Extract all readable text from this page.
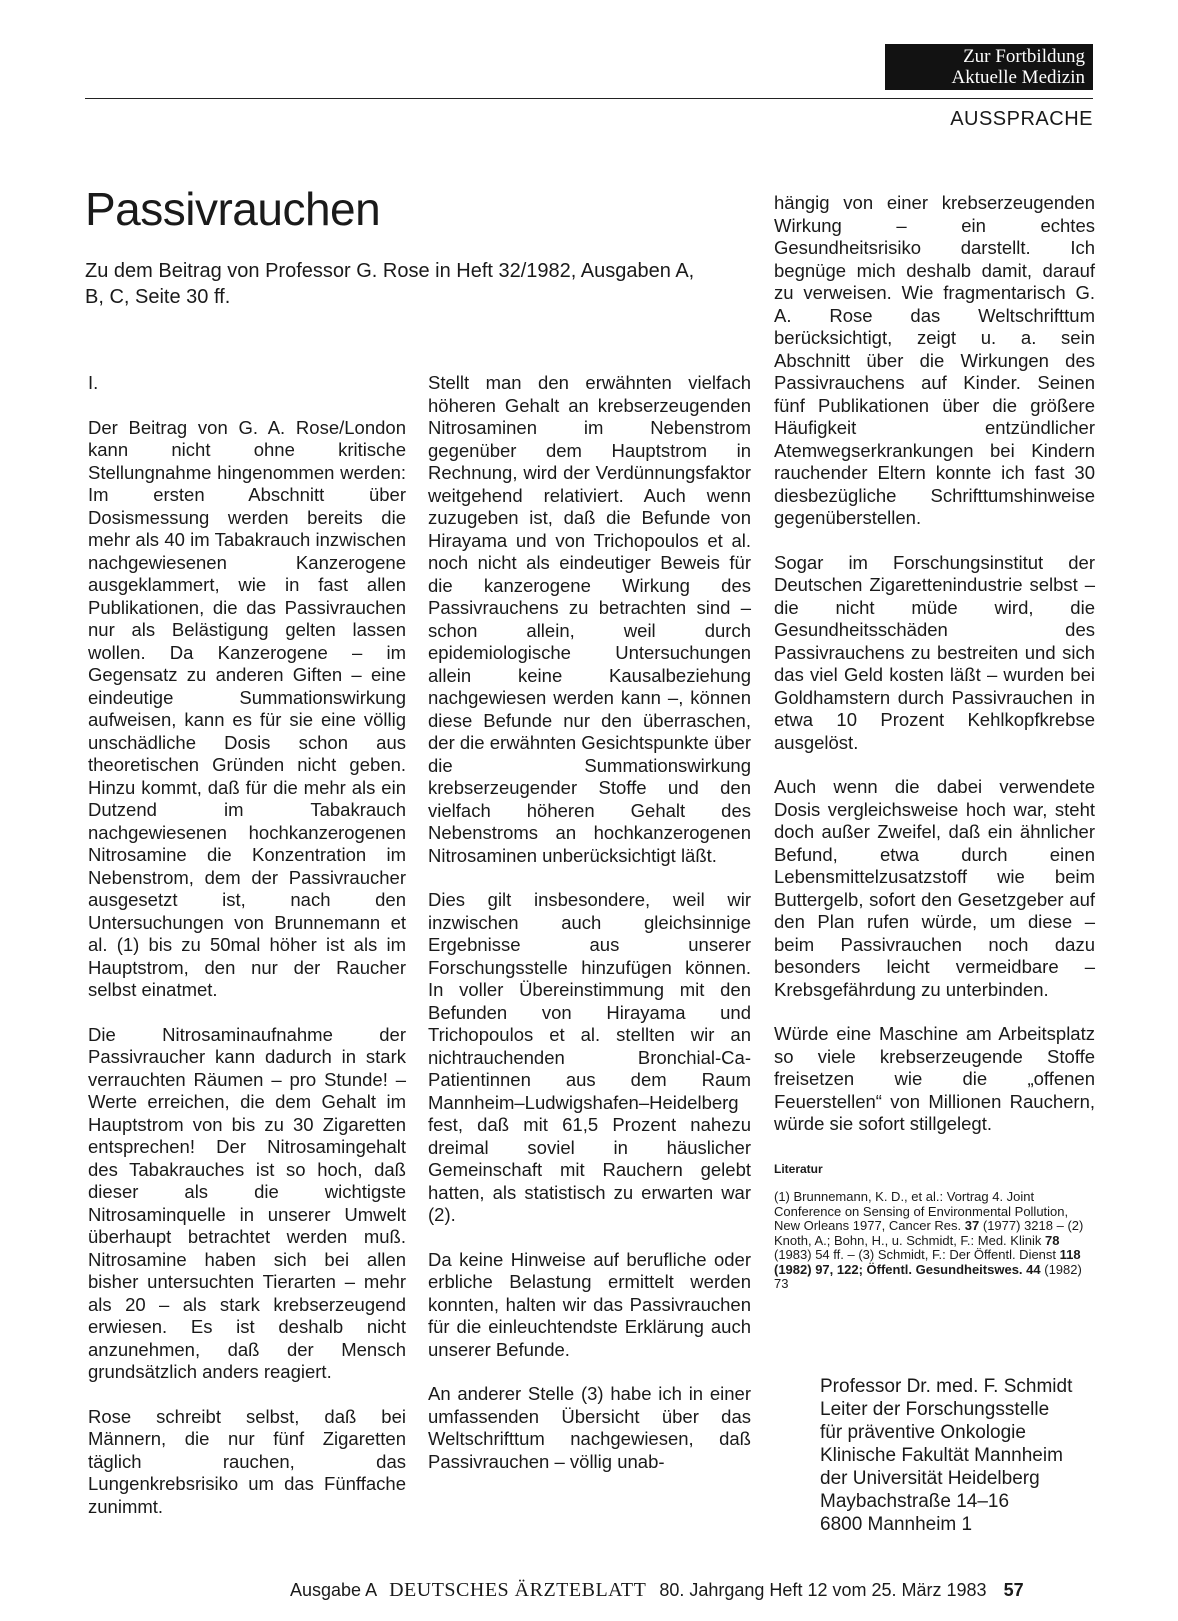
Zur Fortbildung
Aktuelle Medizin
AUSSPRACHE
Passivrauchen

Zu dem Beitrag von Professor G. Rose in Heft 32/1982, Ausgaben A, B, C, Seite 30 ff.

I.

Der Beitrag von G. A. Rose/London kann nicht ohne kritische Stellungnahme hingenommen werden: Im ersten Abschnitt über Dosismessung werden bereits die mehr als 40 im Tabakrauch inzwischen nachgewiesenen Kanzerogene ausgeklammert, wie in fast allen Publikationen, die das Passivrauchen nur als Belästigung gelten lassen wollen. Da Kanzerogene – im Gegensatz zu anderen Giften – eine eindeutige Summationswirkung aufweisen, kann es für sie eine völlig unschädliche Dosis schon aus theoretischen Gründen nicht geben. Hinzu kommt, daß für die mehr als ein Dutzend im Tabakrauch nachgewiesenen hochkanzerogenen Nitrosamine die Konzentration im Nebenstrom, dem der Passivraucher ausgesetzt ist, nach den Untersuchungen von Brunnemann et al. (1) bis zu 50mal höher ist als im Hauptstrom, den nur der Raucher selbst einatmet.

Die Nitrosaminaufnahme der Passivraucher kann dadurch in stark verrauchten Räumen – pro Stunde! – Werte erreichen, die dem Gehalt im Hauptstrom von bis zu 30 Zigaretten entsprechen! Der Nitrosamingehalt des Tabakrauches ist so hoch, daß dieser als die wichtigste Nitrosaminquelle in unserer Umwelt überhaupt betrachtet werden muß. Nitrosamine haben sich bei allen bisher untersuchten Tierarten – mehr als 20 – als stark krebserzeugend erwiesen. Es ist deshalb nicht anzunehmen, daß der Mensch grundsätzlich anders reagiert.

Rose schreibt selbst, daß bei Männern, die nur fünf Zigaretten täglich rauchen, das Lungenkrebsrisiko um das Fünffache zunimmt.

Stellt man den erwähnten vielfach höheren Gehalt an krebserzeugenden Nitrosaminen im Nebenstrom gegenüber dem Hauptstrom in Rechnung, wird der Verdünnungsfaktor weitgehend relativiert. Auch wenn zuzugeben ist, daß die Befunde von Hirayama und von Trichopoulos et al. noch nicht als eindeutiger Beweis für die kanzerogene Wirkung des Passivrauchens zu betrachten sind – schon allein, weil durch epidemiologische Untersuchungen allein keine Kausalbeziehung nachgewiesen werden kann –, können diese Befunde nur den überraschen, der die erwähnten Gesichtspunkte über die Summationswirkung krebserzeugender Stoffe und den vielfach höheren Gehalt des Nebenstroms an hochkanzerogenen Nitrosaminen unberücksichtigt läßt.

Dies gilt insbesondere, weil wir inzwischen auch gleichsinnige Ergebnisse aus unserer Forschungsstelle hinzufügen können. In voller Übereinstimmung mit den Befunden von Hirayama und Trichopoulos et al. stellten wir an nichtrauchenden Bronchial-Ca-Patientinnen aus dem Raum Mannheim–Ludwigshafen–Heidelberg fest, daß mit 61,5 Prozent nahezu dreimal soviel in häuslicher Gemeinschaft mit Rauchern gelebt hatten, als statistisch zu erwarten war (2).

Da keine Hinweise auf berufliche oder erbliche Belastung ermittelt werden konnten, halten wir das Passivrauchen für die einleuchtendste Erklärung auch unserer Befunde.

An anderer Stelle (3) habe ich in einer umfassenden Übersicht über das Weltschrifttum nachgewiesen, daß Passivrauchen – völlig unab-

hängig von einer krebserzeugenden Wirkung – ein echtes Gesundheitsrisiko darstellt. Ich begnüge mich deshalb damit, darauf zu verweisen. Wie fragmentarisch G. A. Rose das Weltschrifttum berücksichtigt, zeigt u. a. sein Abschnitt über die Wirkungen des Passivrauchens auf Kinder. Seinen fünf Publikationen über die größere Häufigkeit entzündlicher Atemwegserkrankungen bei Kindern rauchender Eltern konnte ich fast 30 diesbezügliche Schrifttumshinweise gegenüberstellen.

Sogar im Forschungsinstitut der Deutschen Zigarettenindustrie selbst – die nicht müde wird, die Gesundheitsschäden des Passivrauchens zu bestreiten und sich das viel Geld kosten läßt – wurden bei Goldhamstern durch Passivrauchen in etwa 10 Prozent Kehlkopfkrebse ausgelöst.

Auch wenn die dabei verwendete Dosis vergleichsweise hoch war, steht doch außer Zweifel, daß ein ähnlicher Befund, etwa durch einen Lebensmittelzusatzstoff wie beim Buttergelb, sofort den Gesetzgeber auf den Plan rufen würde, um diese – beim Passivrauchen noch dazu besonders leicht vermeidbare – Krebsgefährdung zu unterbinden.

Würde eine Maschine am Arbeitsplatz so viele krebserzeugende Stoffe freisetzen wie die „offenen Feuerstellen“ von Millionen Rauchern, würde sie sofort stillgelegt.

Literatur
(1) Brunnemann, K. D., et al.: Vortrag 4. Joint Conference on Sensing of Environmental Pollution, New Orleans 1977, Cancer Res. 37 (1977) 3218 – (2) Knoth, A.; Bohn, H., u. Schmidt, F.: Med. Klinik 78 (1983) 54 ff. – (3) Schmidt, F.: Der Öffentl. Dienst 118 (1982) 97, 122; Öffentl. Gesundheitswes. 44 (1982) 73
Professor Dr. med. F. Schmidt
Leiter der Forschungsstelle
für präventive Onkologie
Klinische Fakultät Mannheim
der Universität Heidelberg
Maybachstraße 14–16
6800 Mannheim 1
Ausgabe A DEUTSCHES ÄRZTEBLATT 80. Jahrgang Heft 12 vom 25. März 1983 57
